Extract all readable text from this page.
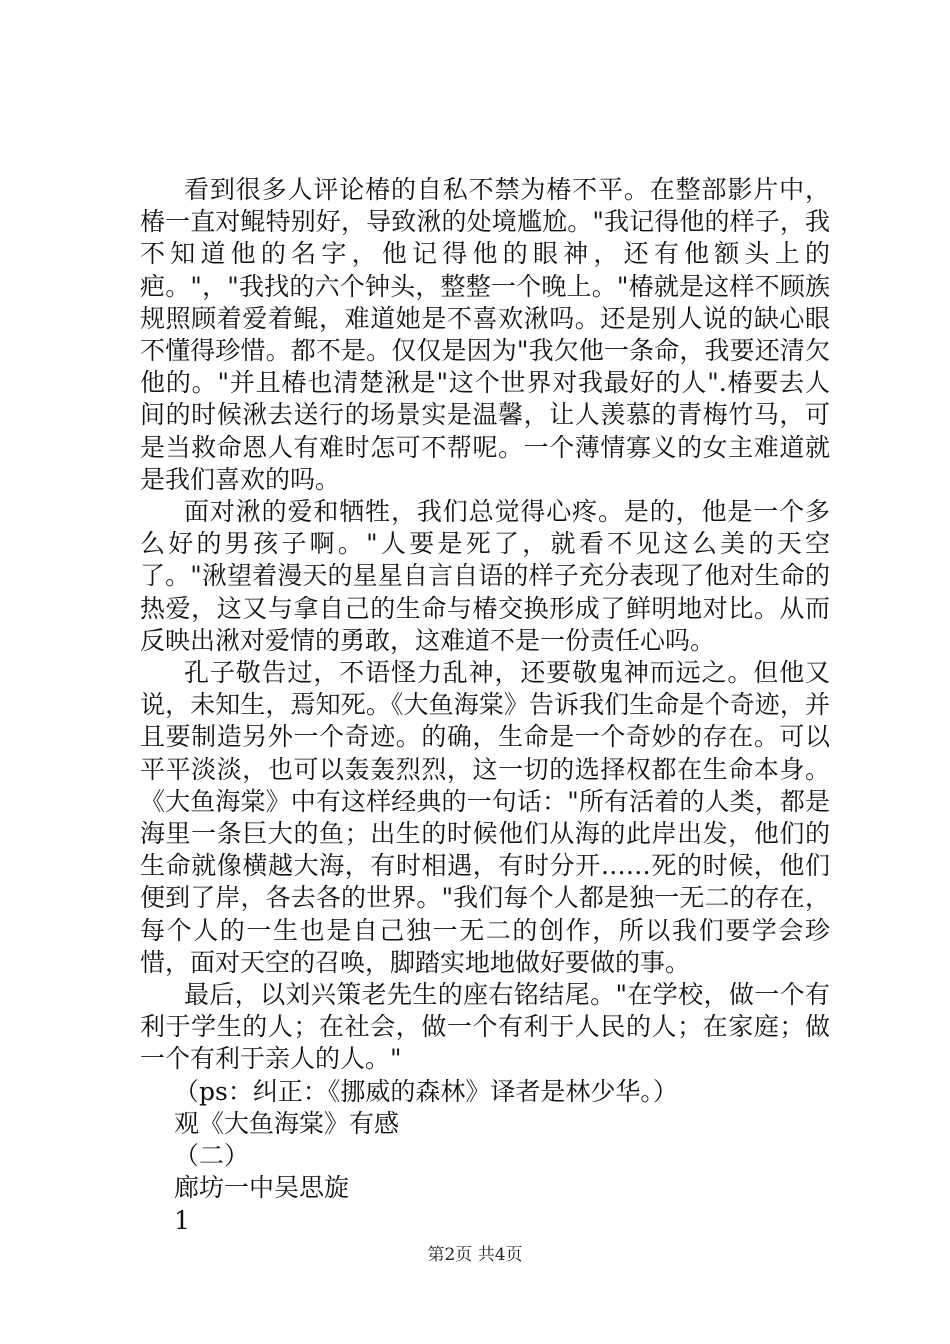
看到很多人评论椿的自私不禁为椿不平。在整部影片中，椿一直对鲲特别好，导致湫的处境尴尬。"我记得他的样子，我不知道他的名字，他记得他的眼神，还有他额头上的疤。"，"我找的六个钟头，整整一个晚上。"椿就是这样不顾族规照顾着爱着鲲，难道她是不喜欢湫吗。还是别人说的缺心眼不懂得珍惜。都不是。仅仅是因为"我欠他一条命，我要还清欠他的。"并且椿也清楚湫是"这个世界对我最好的人".椿要去人间的时候湫去送行的场景实是温馨，让人羡慕的青梅竹马，可是当救命恩人有难时怎可不帮呢。一个薄情寡义的女主难道就是我们喜欢的吗。

面对湫的爱和牺牲，我们总觉得心疼。是的，他是一个多么好的男孩子啊。"人要是死了，就看不见这么美的天空了。"湫望着漫天的星星自言自语的样子充分表现了他对生命的热爱，这又与拿自己的生命与椿交换形成了鲜明地对比。从而反映出湫对爱情的勇敢，这难道不是一份责任心吗。

孔子敬告过，不语怪力乱神，还要敬鬼神而远之。但他又说，未知生，焉知死。《大鱼海棠》告诉我们生命是个奇迹，并且要制造另外一个奇迹。的确，生命是一个奇妙的存在。可以平平淡淡，也可以轰轰烈烈，这一切的选择权都在生命本身。《大鱼海棠》中有这样经典的一句话："所有活着的人类，都是海里一条巨大的鱼；出生的时候他们从海的此岸出发，他们的生命就像横越大海，有时相遇，有时分开……死的时候，他们便到了岸，各去各的世界。"我们每个人都是独一无二的存在，每个人的一生也是自己独一无二的创作，所以我们要学会珍惜，面对天空的召唤，脚踏实地地做好要做的事。

最后，以刘兴策老先生的座右铭结尾。"在学校，做一个有利于学生的人；在社会，做一个有利于人民的人；在家庭；做一个有利于亲人的人。"

（ps：纠正：《挪威的森林》译者是林少华。）

观《大鱼海棠》有感

（二）

廊坊一中吴思旋

1

第2页 共4页
